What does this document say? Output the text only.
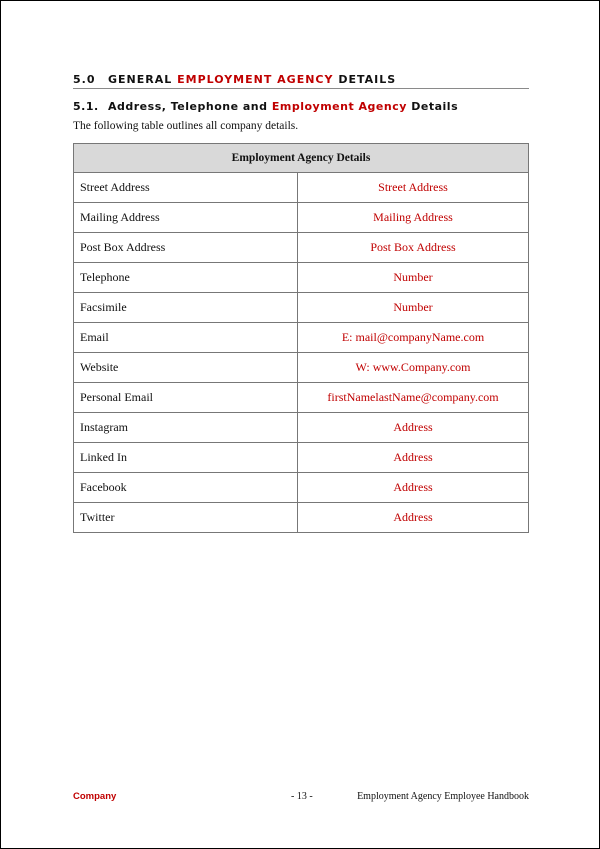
5.0 GENERAL EMPLOYMENT AGENCY DETAILS
5.1. Address, Telephone and Employment Agency Details
The following table outlines all company details.
Employment Agency Details	
Street Address	Street Address
Mailing Address	Mailing Address
Post Box Address	Post Box Address
Telephone	Number
Facsimile	Number
Email	E: mail@companyName.com
Website	W: www.Company.com
Personal Email	firstNamelastName@company.com
Instagram	Address
Linked In	Address
Facebook	Address
Twitter	Address
Company	- 13 -	Employment Agency Employee Handbook
